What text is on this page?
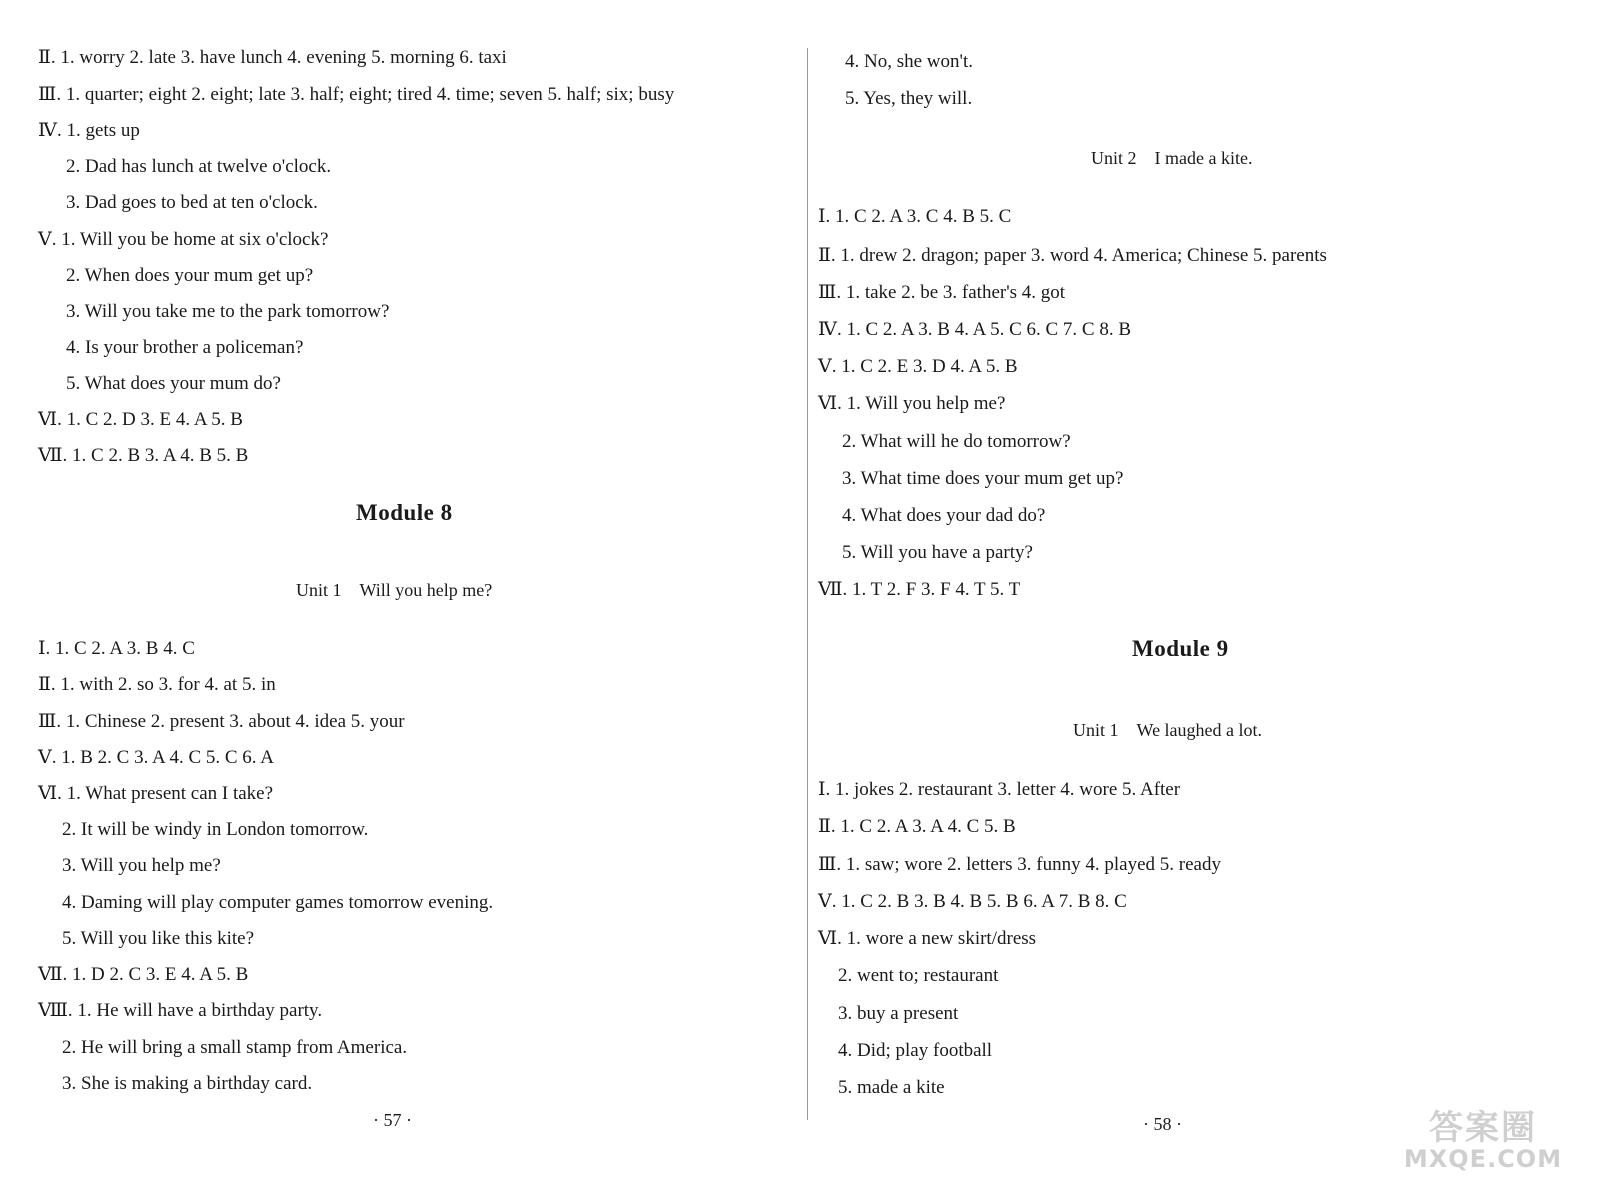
Ⅱ. 1. worry 2. late 3. have lunch 4. evening 5. morning 6. taxi
Ⅲ. 1. quarter; eight 2. eight; late 3. half; eight; tired 4. time; seven 5. half; six; busy
Ⅳ. 1. gets up
2. Dad has lunch at twelve o'clock.
3. Dad goes to bed at ten o'clock.
Ⅴ. 1. Will you be home at six o'clock?
2. When does your mum get up?
3. Will you take me to the park tomorrow?
4. Is your brother a policeman?
5. What does your mum do?
Ⅵ. 1. C 2. D 3. E 4. A 5. B
Ⅶ. 1. C 2. B 3. A 4. B 5. B
Module 8
Unit 1 Will you help me?
Ⅰ. 1. C 2. A 3. B 4. C
Ⅱ. 1. with 2. so 3. for 4. at 5. in
Ⅲ. 1. Chinese 2. present 3. about 4. idea 5. your
Ⅴ. 1. B 2. C 3. A 4. C 5. C 6. A
Ⅵ. 1. What present can I take?
2. It will be windy in London tomorrow.
3. Will you help me?
4. Daming will play computer games tomorrow evening.
5. Will you like this kite?
Ⅶ. 1. D 2. C 3. E 4. A 5. B
Ⅷ. 1. He will have a birthday party.
2. He will bring a small stamp from America.
3. She is making a birthday card.
· 57 ·
4. No, she won't.
5. Yes, they will.
Unit 2 I made a kite.
Ⅰ. 1. C 2. A 3. C 4. B 5. C
Ⅱ. 1. drew 2. dragon; paper 3. word 4. America; Chinese 5. parents
Ⅲ. 1. take 2. be 3. father's 4. got
Ⅳ. 1. C 2. A 3. B 4. A 5. C 6. C 7. C 8. B
Ⅴ. 1. C 2. E 3. D 4. A 5. B
Ⅵ. 1. Will you help me?
2. What will he do tomorrow?
3. What time does your mum get up?
4. What does your dad do?
5. Will you have a party?
Ⅶ. 1. T 2. F 3. F 4. T 5. T
Module 9
Unit 1 We laughed a lot.
Ⅰ. 1. jokes 2. restaurant 3. letter 4. wore 5. After
Ⅱ. 1. C 2. A 3. A 4. C 5. B
Ⅲ. 1. saw; wore 2. letters 3. funny 4. played 5. ready
Ⅴ. 1. C 2. B 3. B 4. B 5. B 6. A 7. B 8. C
Ⅵ. 1. wore a new skirt/dress
2. went to; restaurant
3. buy a present
4. Did; play football
5. made a kite
· 58 ·	答案圈
MXQE.COM
